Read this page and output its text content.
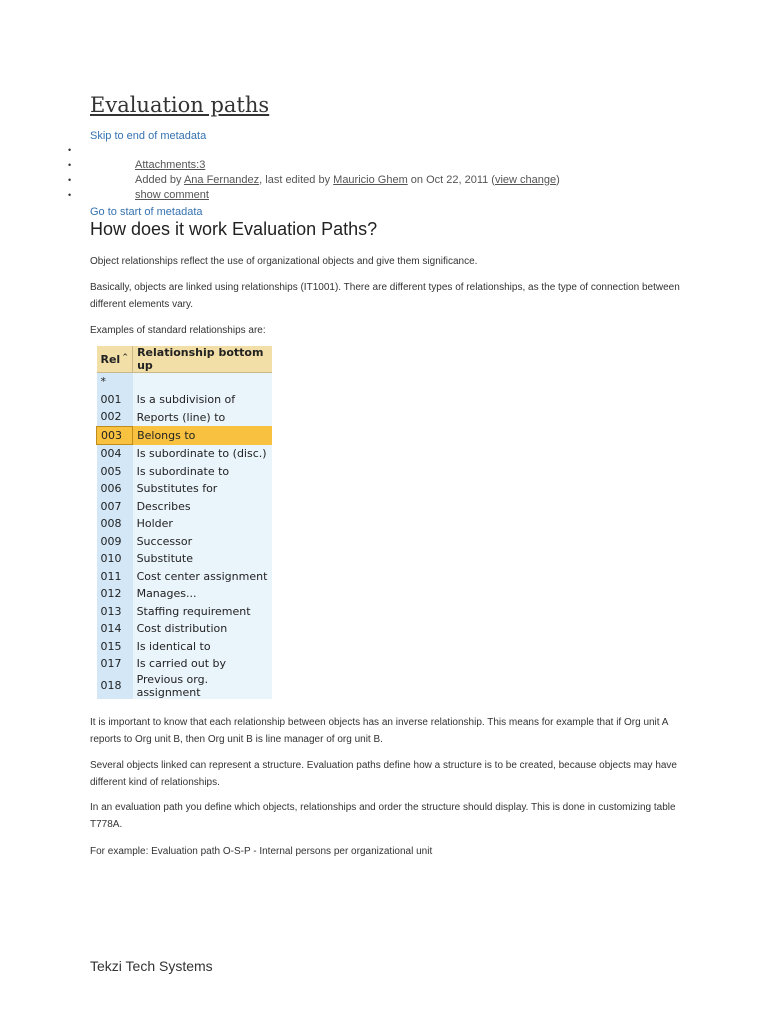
Evaluation paths
Skip to end of metadata
•
•	Attachments:3
•	Added by Ana Fernandez, last edited by Mauricio Ghem on Oct 22, 2011 (view change)
•	show comment
Go to start of metadata
How does it work Evaluation Paths?

Object relationships reflect the use of organizational objects and give them significance.

Basically, objects are linked using relationships (IT1001). There are different types of relationships, as the type of connection between different elements vary.

Examples of standard relationships are:

Rel ^	Relationship bottom up
*	
001	Is a subdivision of
002	Reports (line) to
003	Belongs to
004	Is subordinate to (disc.)
005	Is subordinate to
006	Substitutes for
007	Describes
008	Holder
009	Successor
010	Substitute
011	Cost center assignment
012	Manages...
013	Staffing requirement
014	Cost distribution
015	Is identical to
017	Is carried out by
018	Previous org. assignment

It is important to know that each relationship between objects has an inverse relationship. This means for example that if Org unit A reports to Org unit B, then Org unit B is line manager of org unit B.

Several objects linked can represent a structure. Evaluation paths define how a structure is to be created, because objects may have different kind of relationships.

In an evaluation path you define which objects, relationships and order the structure should display. This is done in customizing table T778A.

For example: Evaluation path O-S-P - Internal persons per organizational unit

Tekzi Tech Systems
